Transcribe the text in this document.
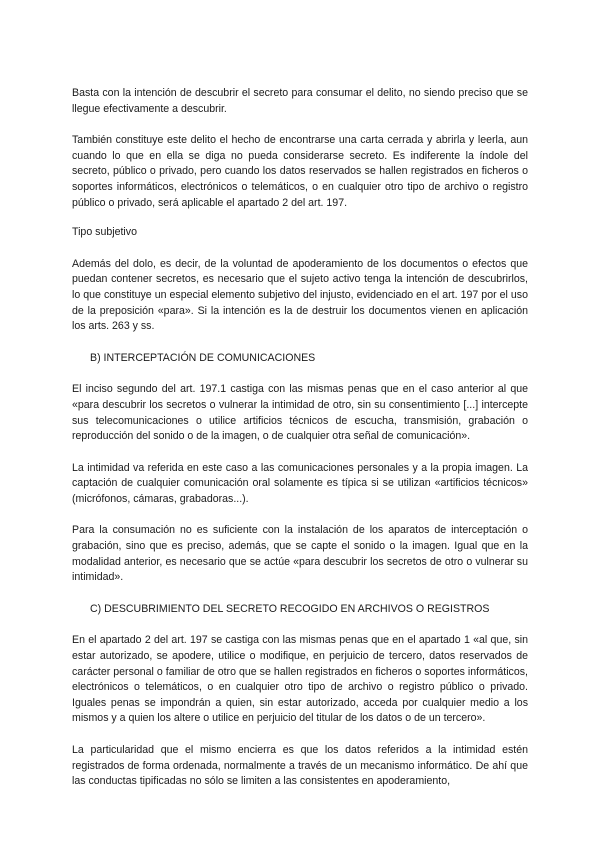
Basta con la intención de descubrir el secreto para consumar el delito, no siendo preciso que se llegue efectivamente a descubrir.

También constituye este delito el hecho de encontrarse una carta cerrada y abrirla y leerla, aun cuando lo que en ella se diga no pueda considerarse secreto. Es indiferente la índole del secreto, público o privado, pero cuando los datos reservados se hallen registrados en ficheros o soportes informáticos, electrónicos o telemáticos, o en cualquier otro tipo de archivo o registro público o privado, será aplicable el apartado 2 del art. 197.

Tipo subjetivo

Además del dolo, es decir, de la voluntad de apoderamiento de los documentos o efectos que puedan contener secretos, es necesario que el sujeto activo tenga la intención de descubrirlos, lo que constituye un especial elemento subjetivo del injusto, evidenciado en el art. 197 por el uso de la preposición «para». Si la intención es la de destruir los documentos vienen en aplicación los arts. 263 y ss.

B) INTERCEPTACIÓN DE COMUNICACIONES

El inciso segundo del art. 197.1 castiga con las mismas penas que en el caso anterior al que «para descubrir los secretos o vulnerar la intimidad de otro, sin su consentimiento [...] intercepte sus telecomunicaciones o utilice artificios técnicos de escucha, transmisión, grabación o reproducción del sonido o de la imagen, o de cualquier otra señal de comunicación».

La intimidad va referida en este caso a las comunicaciones personales y a la propia imagen. La captación de cualquier comunicación oral solamente es típica si se utilizan «artificios técnicos» (micrófonos, cámaras, grabadoras...).

Para la consumación no es suficiente con la instalación de los aparatos de interceptación o grabación, sino que es preciso, además, que se capte el sonido o la imagen. Igual que en la modalidad anterior, es necesario que se actúe «para descubrir los secretos de otro o vulnerar su intimidad».

C) DESCUBRIMIENTO DEL SECRETO RECOGIDO EN ARCHIVOS O REGISTROS

En el apartado 2 del art. 197 se castiga con las mismas penas que en el apartado 1 «al que, sin estar autorizado, se apodere, utilice o modifique, en perjuicio de tercero, datos reservados de carácter personal o familiar de otro que se hallen registrados en ficheros o soportes informáticos, electrónicos o telemáticos, o en cualquier otro tipo de archivo o registro público o privado. Iguales penas se impondrán a quien, sin estar autorizado, acceda por cualquier medio a los mismos y a quien los altere o utilice en perjuicio del titular de los datos o de un tercero».

La particularidad que el mismo encierra es que los datos referidos a la intimidad estén registrados de forma ordenada, normalmente a través de un mecanismo informático. De ahí que las conductas tipificadas no sólo se limiten a las consistentes en apoderamiento,
